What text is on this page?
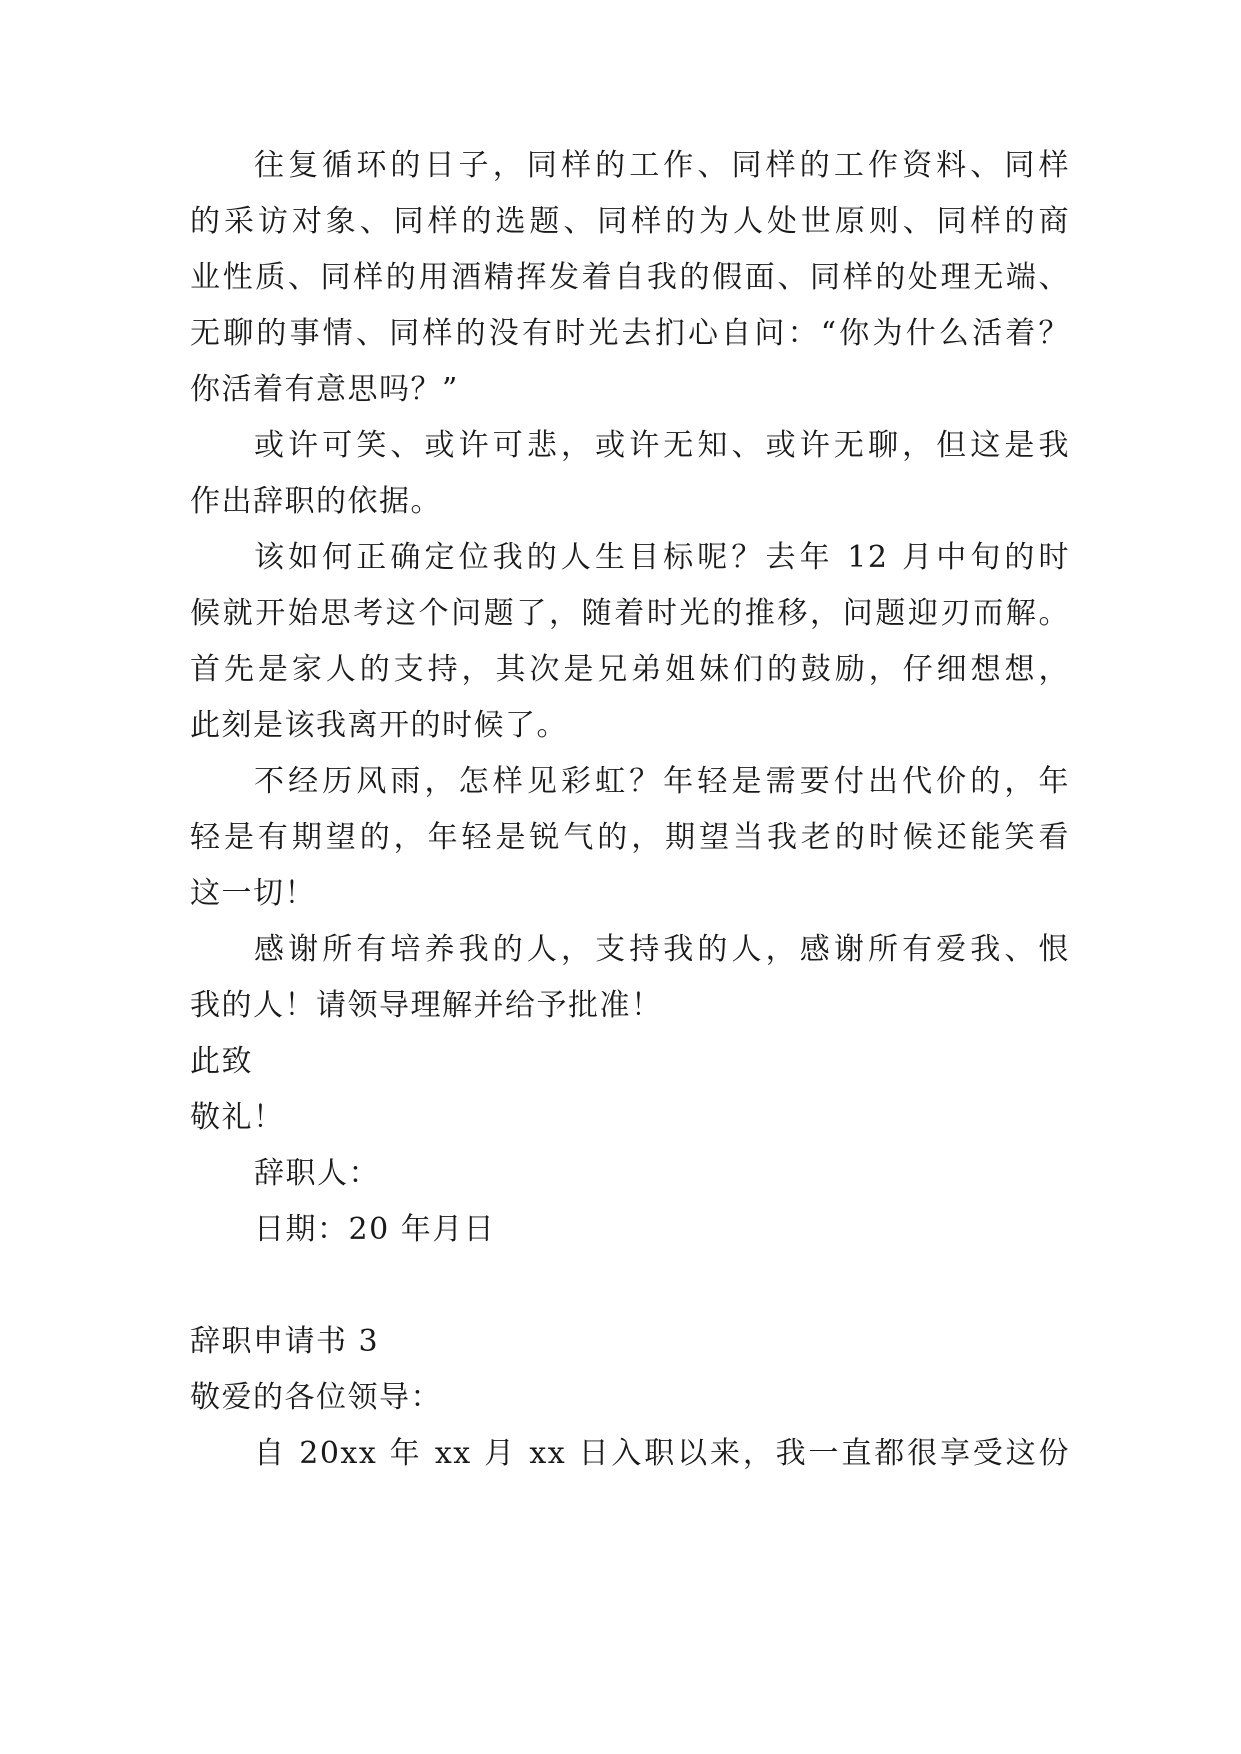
往复循环的日子，同样的工作、同样的工作资料、同样
的采访对象、同样的选题、同样的为人处世原则、同样的商
业性质、同样的用酒精挥发着自我的假面、同样的处理无端、
无聊的事情、同样的没有时光去扪心自问：“你为什么活着？
你活着有意思吗？”
或许可笑、或许可悲，或许无知、或许无聊，但这是我
作出辞职的依据。
该如何正确定位我的人生目标呢？去年 12 月中旬的时
候就开始思考这个问题了，随着时光的推移，问题迎刃而解。
首先是家人的支持，其次是兄弟姐妹们的鼓励，仔细想想，
此刻是该我离开的时候了。
不经历风雨，怎样见彩虹？年轻是需要付出代价的，年
轻是有期望的，年轻是锐气的，期望当我老的时候还能笑看
这一切！
感谢所有培养我的人，支持我的人，感谢所有爱我、恨
我的人！请领导理解并给予批准！
此致
敬礼！
辞职人：
日期：20 年月日
辞职申请书 3
敬爱的各位领导：
自 20xx 年 xx 月 xx 日入职以来，我一直都很享受这份
